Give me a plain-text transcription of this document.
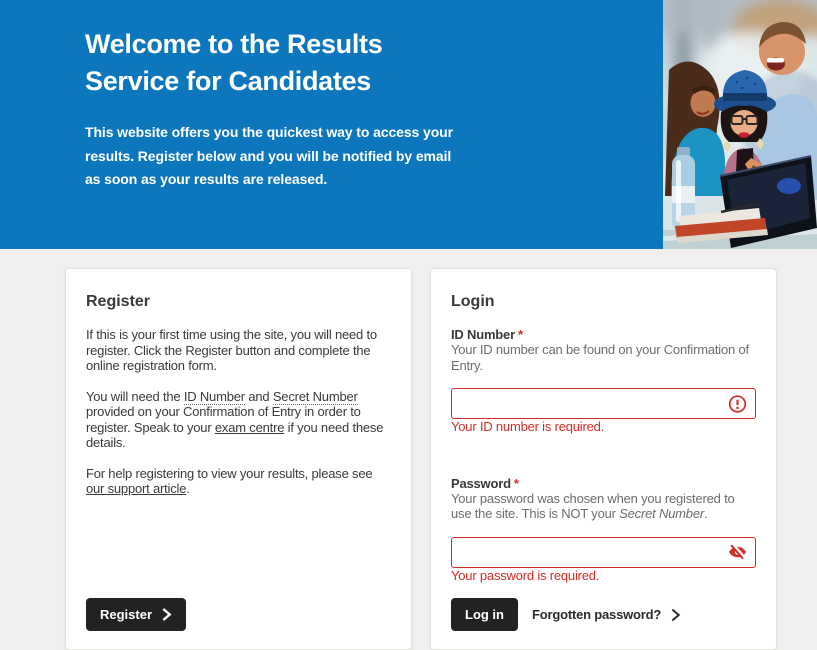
Welcome to the Results
Service for Candidates

This website offers you the quickest way to access your results. Register below and you will be notified by email as soon as your results are released.

Register

If this is your first time using the site, you will need to register. Click the Register button and complete the online registration form.

You will need the ID Number and Secret Number provided on your Confirmation of Entry in order to register. Speak to your exam centre if you need these details.

For help registering to view your results, please see our support article.

Register
Login
ID Number *

Your ID number can be found on your Confirmation of Entry.

Your ID number is required.

Password *

Your password was chosen when you registered to use the site. This is NOT your Secret Number.

Your password is required.

Log in Forgotten password?
